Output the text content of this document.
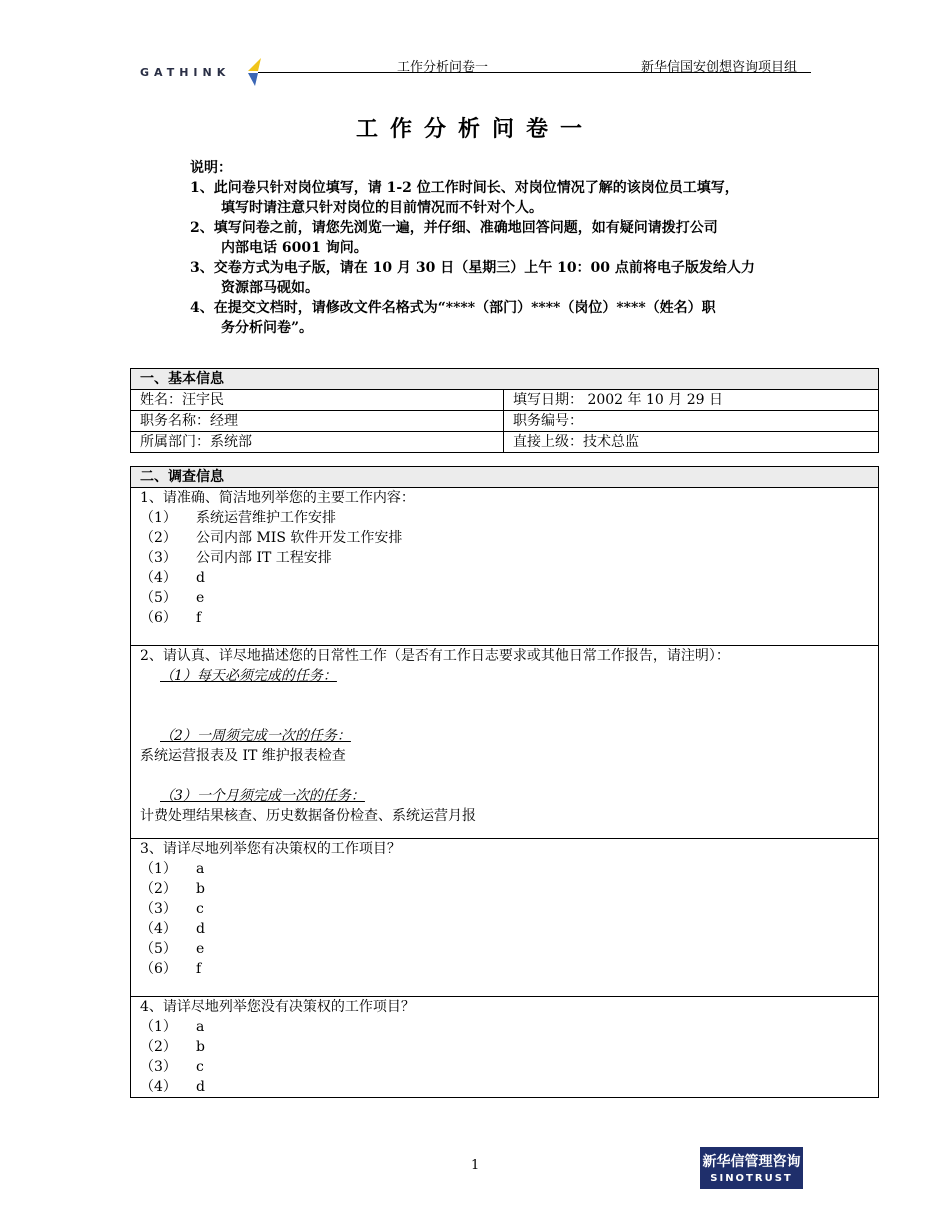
GATHINK	工作分析问卷一	新华信国安创想咨询项目组
工作分析问卷一

说明：

1、此问卷只针对岗位填写，请 1-2 位工作时间长、对岗位情况了解的该岗位员工填写，

填写时请注意只针对岗位的目前情况而不针对个人。

2、填写问卷之前，请您先浏览一遍，并仔细、准确地回答问题，如有疑问请拨打公司

内部电话 6001 询问。

3、交卷方式为电子版，请在 10 月 30 日（星期三）上午 10：00 点前将电子版发给人力

资源部马砚如。

4、在提交文档时，请修改文件名格式为“****（部门）****（岗位）****（姓名）职

务分析问卷”。

一、基本信息	
姓名：汪宇民	填写日期： 2002 年 10 月 29 日
职务名称：经理	职务编号：
所属部门：系统部	直接上级：技术总监
二、调查信息

1、请准确、简洁地列举您的主要工作内容：
（1）	系统运营维护工作安排
（2）	公司内部 MIS 软件开发工作安排
（3）	公司内部 IT 工程安排
（4）	d
（5）	e
（6）	f

2、请认真、详尽地描述您的日常性工作（是否有工作日志要求或其他日常工作报告，请注明）：
（1）每天必须完成的任务：
（2）一周须完成一次的任务：
系统运营报表及 IT 维护报表检查
（3）一个月须完成一次的任务：
计费处理结果核查、历史数据备份检查、系统运营月报

3、请详尽地列举您有决策权的工作项目？
（1）	a
（2）	b
（3）	c
（4）	d
（5）	e
（6）	f

4、请详尽地列举您没有决策权的工作项目？
（1）	a
（2）	b
（3）	c
（4）	d
1	新华信管理咨询
SINOTRUST
